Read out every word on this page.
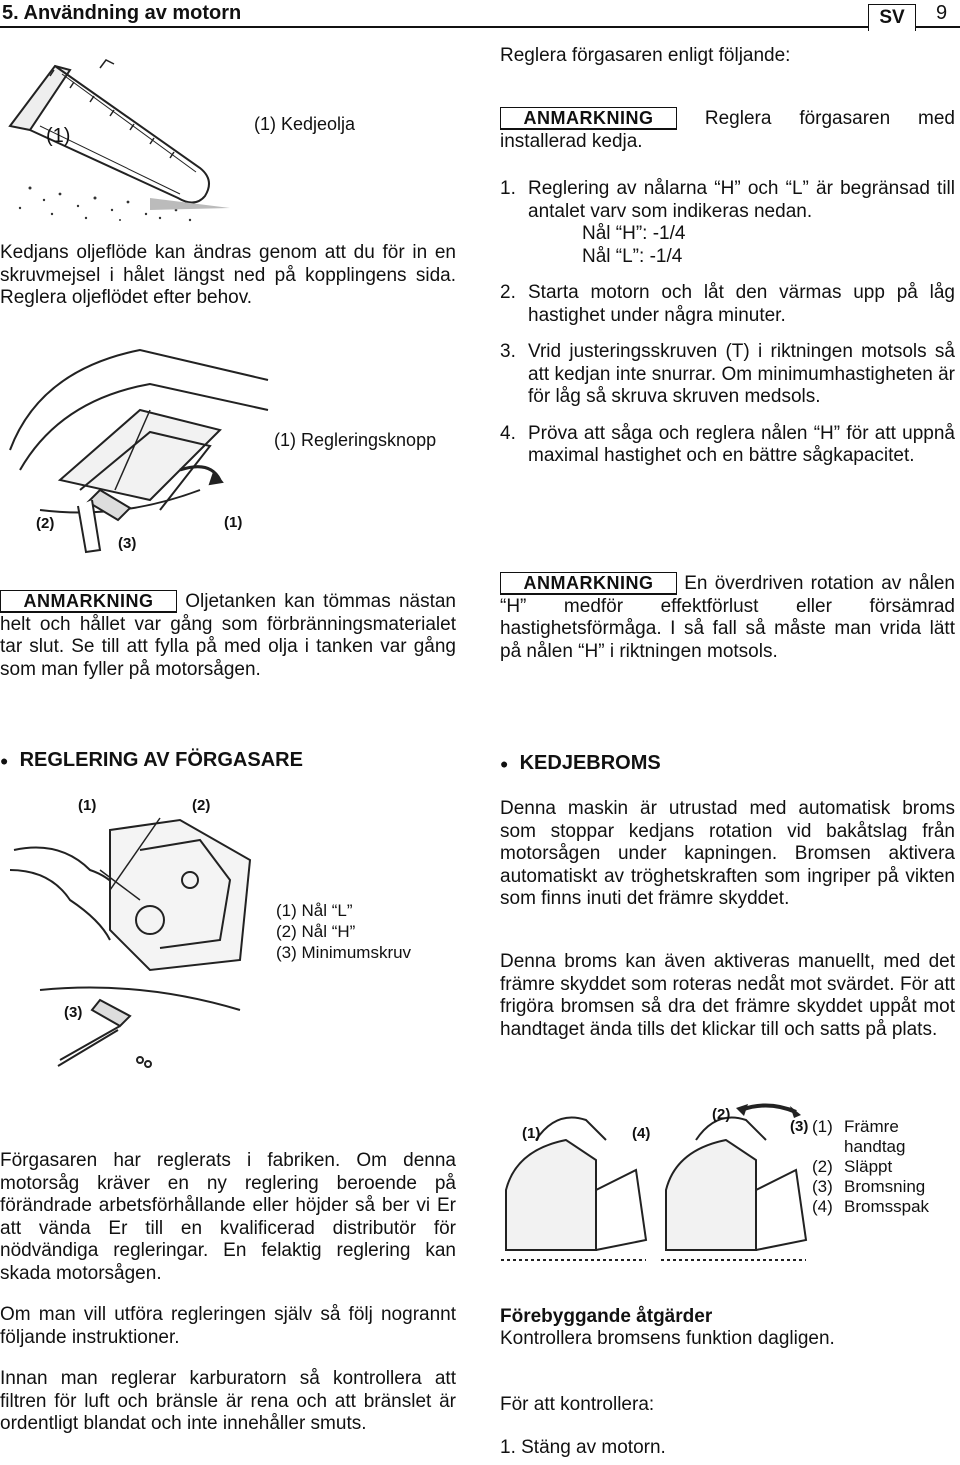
5. Användning av motorn	SV	9
(1)
(1) Kedjeolja
Kedjans oljeflöde kan ändras genom att du för in en skruvmejsel i hålet längst ned på kopplingens sida. Reglera oljeflödet efter behov.
(1) Regleringsknopp
(1)
(2)
(3)
ANMARKNING Oljetanken kan tömmas nästan helt och hållet var gång som förbränningsmaterialet tar slut. Se till att fylla på med olja i tanken var gång som man fyller på motorsågen.
● REGLERING AV FÖRGASARE
(1)	(2)
(3)
(1) Nål “L”
(2) Nål “H”
(3) Minimumskruv
Förgasaren har reglerats i fabriken. Om denna motorsåg kräver en ny reglering beroende på förändrade arbetsförhållande eller höjder så ber vi Er att vända Er till en kvalificerad distributör för nödvändiga regleringar. En felaktig reglering kan skada motorsågen.
Om man vill utföra regleringen själv så följ nogrannt följande instruktioner.
Innan man reglerar karburatorn så kontrollera att filtren för luft och bränsle är rena och att bränslet är ordentligt blandat och inte innehåller smuts.
Reglera förgasaren enligt följande:
ANMARKNING	Reglera förgasaren med installerad kedja.
1. Reglering av nålarna “H” och “L” är begränsad till antalet varv som indikeras nedan.
Nål “H”: -1/4
Nål “L”: -1/4
2. Starta motorn och låt den värmas upp på låg hastighet under några minuter.
3. Vrid justeringsskruven (T) i riktningen motsols så att kedjan inte snurrar. Om minimumhastigheten är för låg så skruva skruven medsols.
4. Pröva att såga och reglera nålen “H” för att uppnå maximal hastighet och en bättre sågkapacitet.
ANMARKNING En överdriven rotation av nålen “H” medför effektförlust eller försämrad hastighetsförmåga. I så fall så måste man vrida lätt på nålen “H” i riktningen motsols.
● KEDJEBROMS
Denna maskin är utrustad med automatisk broms som stoppar kedjans rotation vid bakåtslag från motorsågen under kapningen. Bromsen aktivera automatiskt av tröghetskraften som ingriper på vikten som finns inuti det främre skyddet.
Denna broms kan även aktiveras manuellt, med det främre skyddet som roteras nedåt mot svärdet. För att frigöra bromsen så dra det främre skyddet uppåt mot handtaget ända tills det klickar till och satts på plats.
(1)
(2)
(3)
(4)	(1) Främre handtag
(2) Släppt
(3) Bromsning
(4) Bromsspak
Förebyggande åtgärder
Kontrollera bromsens funktion dagligen.
För att kontrollera:
1. Stäng av motorn.
